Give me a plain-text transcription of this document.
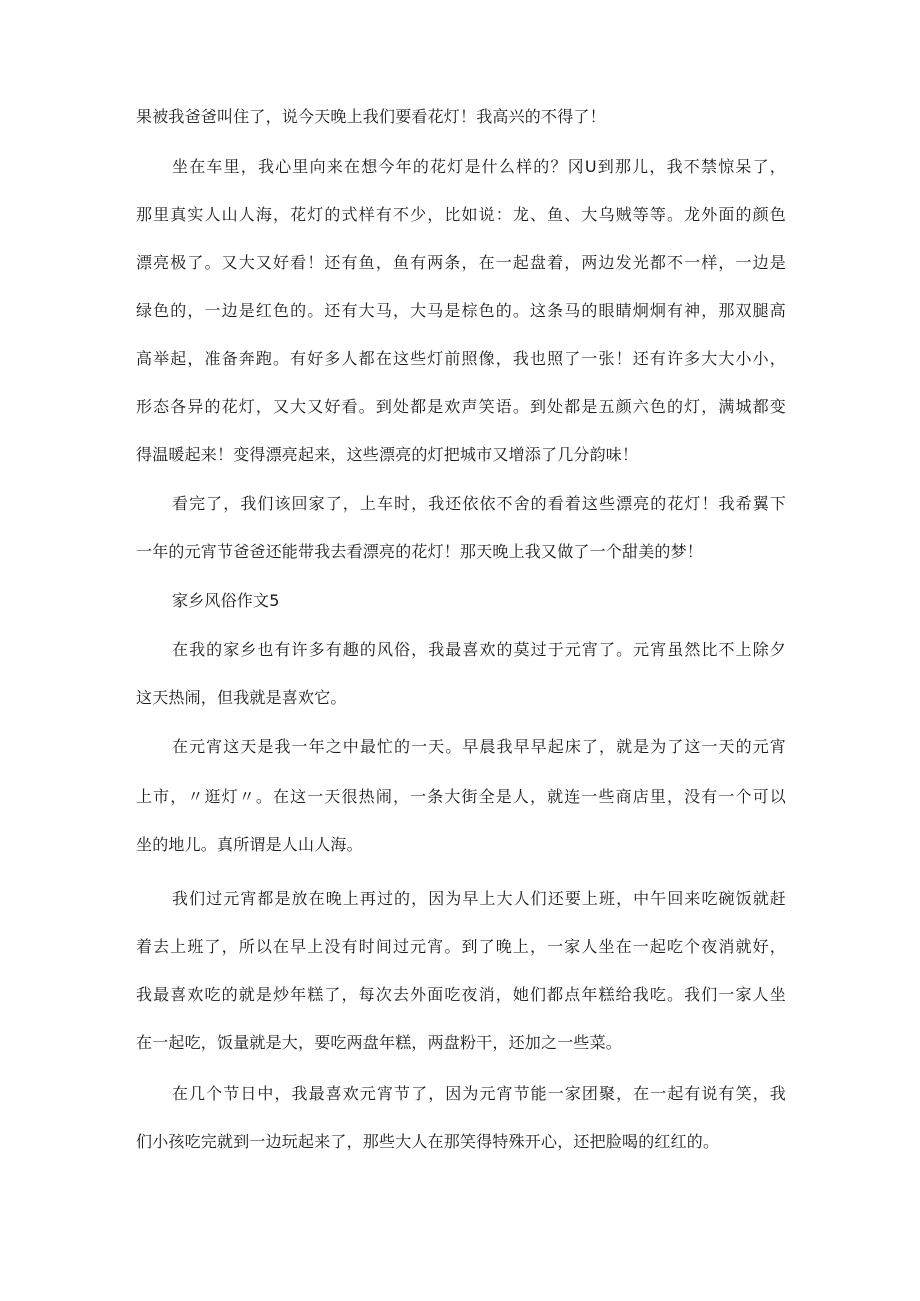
果被我爸爸叫住了，说今天晚上我们要看花灯！我高兴的不得了！
坐在车里，我心里向来在想今年的花灯是什么样的？冈U到那儿，我不禁惊呆了，
那里真实人山人海，花灯的式样有不少，比如说：龙、鱼、大乌贼等等。龙外面的颜色
漂亮极了。又大又好看！还有鱼，鱼有两条，在一起盘着，两边发光都不一样，一边是
绿色的，一边是红色的。还有大马，大马是棕色的。这条马的眼睛炯炯有神，那双腿高
高举起，准备奔跑。有好多人都在这些灯前照像，我也照了一张！还有许多大大小小，
形态各异的花灯，又大又好看。到处都是欢声笑语。到处都是五颜六色的灯，满城都变
得温暖起来！变得漂亮起来，这些漂亮的灯把城市又增添了几分韵味！
看完了，我们该回家了，上车时，我还依依不舍的看着这些漂亮的花灯！我希翼下
一年的元宵节爸爸还能带我去看漂亮的花灯！那天晚上我又做了一个甜美的梦！
家乡风俗作文5
在我的家乡也有许多有趣的风俗，我最喜欢的莫过于元宵了。元宵虽然比不上除夕
这天热闹，但我就是喜欢它。
在元宵这天是我一年之中最忙的一天。早晨我早早起床了，就是为了这一天的元宵
上市，〃逛灯〃。在这一天很热闹，一条大街全是人，就连一些商店里，没有一个可以
坐的地儿。真所谓是人山人海。
我们过元宵都是放在晚上再过的，因为早上大人们还要上班，中午回来吃碗饭就赶
着去上班了，所以在早上没有时间过元宵。到了晚上，一家人坐在一起吃个夜消就好，
我最喜欢吃的就是炒年糕了，每次去外面吃夜消，她们都点年糕给我吃。我们一家人坐
在一起吃，饭量就是大，要吃两盘年糕，两盘粉干，还加之一些菜。
在几个节日中，我最喜欢元宵节了，因为元宵节能一家团聚，在一起有说有笑，我
们小孩吃完就到一边玩起来了，那些大人在那笑得特殊开心，还把脸喝的红红的。
